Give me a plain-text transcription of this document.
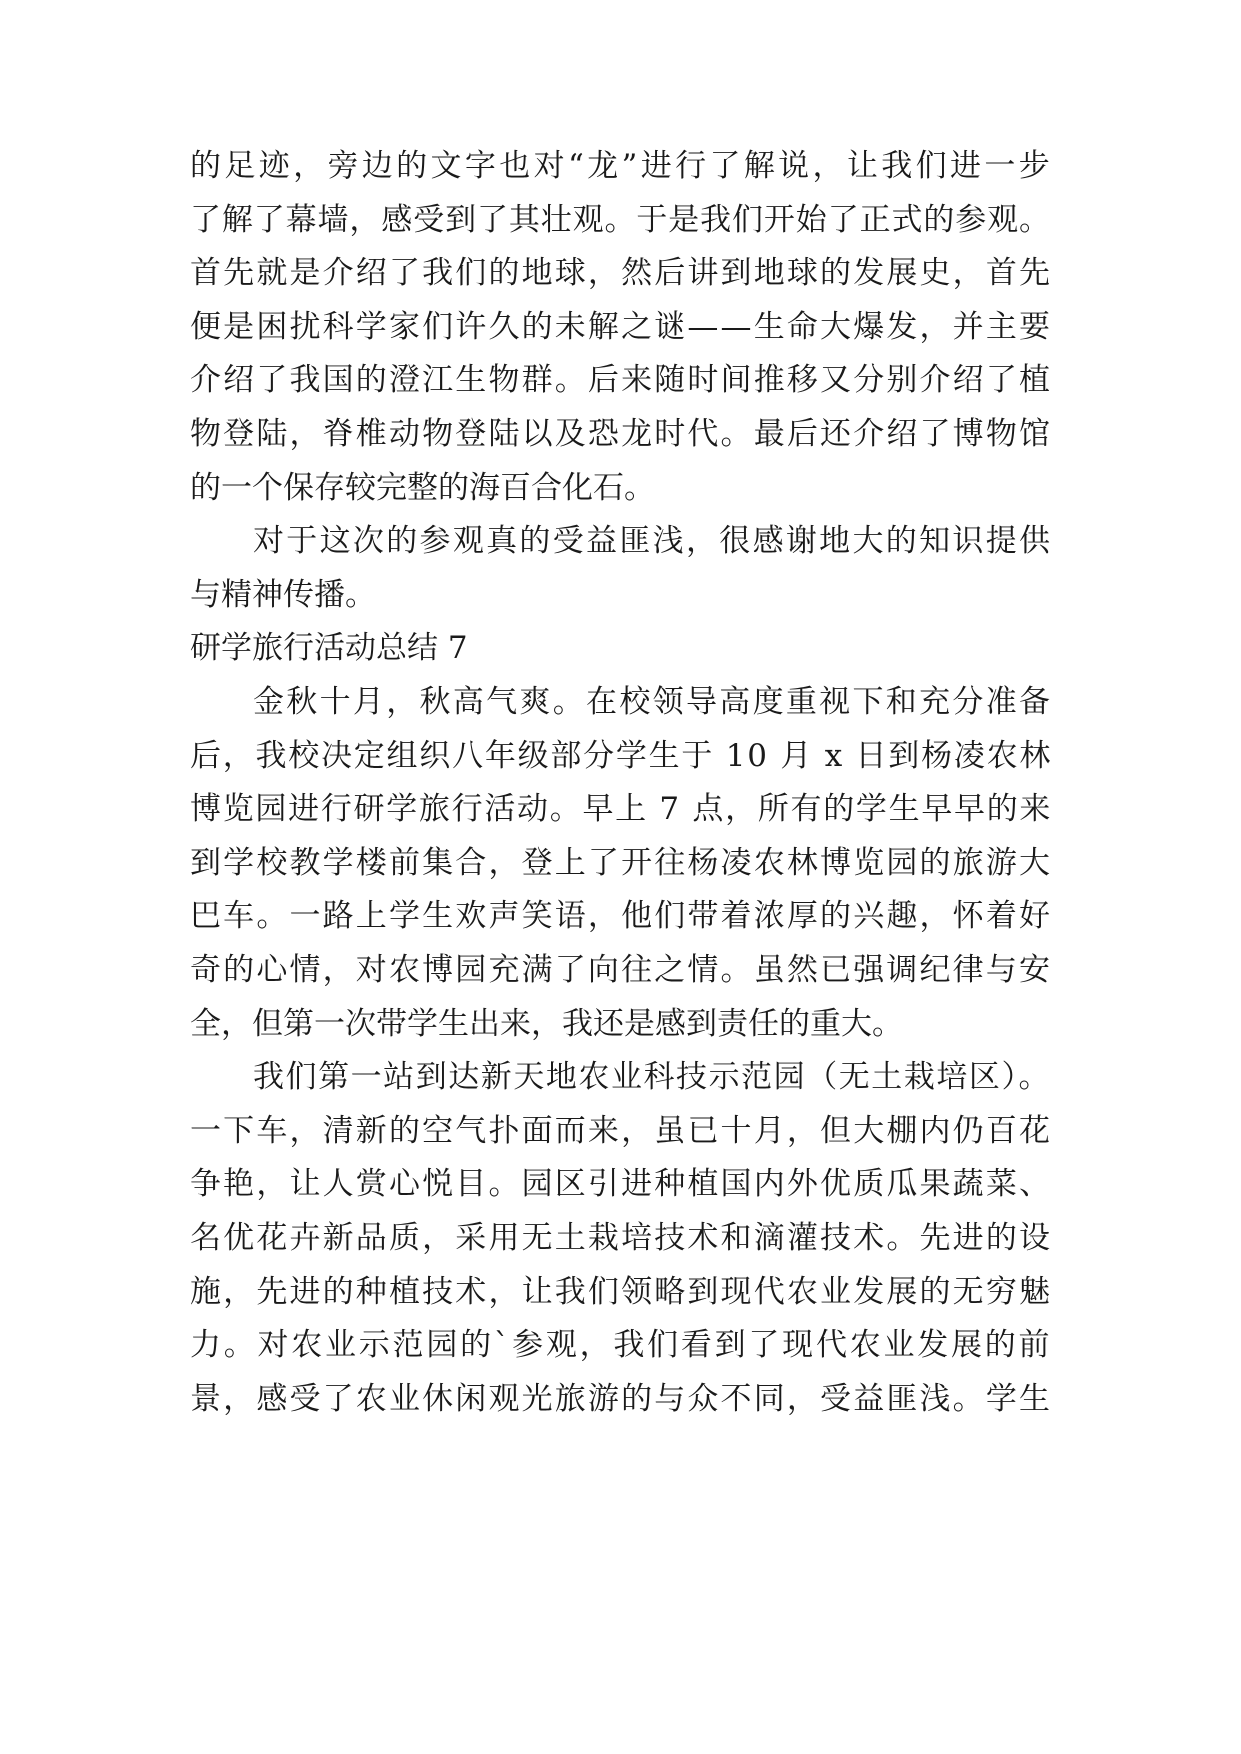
的足迹，旁边的文字也对“龙”进行了解说，让我们进一步
了解了幕墙，感受到了其壮观。于是我们开始了正式的参观。
首先就是介绍了我们的地球，然后讲到地球的发展史，首先
便是困扰科学家们许久的未解之谜——生命大爆发，并主要
介绍了我国的澄江生物群。后来随时间推移又分别介绍了植
物登陆，脊椎动物登陆以及恐龙时代。最后还介绍了博物馆
的一个保存较完整的海百合化石。
对于这次的参观真的受益匪浅，很感谢地大的知识提供
与精神传播。
研学旅行活动总结 7
金秋十月，秋高气爽。在校领导高度重视下和充分准备
后，我校决定组织八年级部分学生于 10 月 x 日到杨凌农林
博览园进行研学旅行活动。早上 7 点，所有的学生早早的来
到学校教学楼前集合，登上了开往杨凌农林博览园的旅游大
巴车。一路上学生欢声笑语，他们带着浓厚的兴趣，怀着好
奇的心情，对农博园充满了向往之情。虽然已强调纪律与安
全，但第一次带学生出来，我还是感到责任的重大。
我们第一站到达新天地农业科技示范园（无土栽培区）。
一下车，清新的空气扑面而来，虽已十月，但大棚内仍百花
争艳，让人赏心悦目。园区引进种植国内外优质瓜果蔬菜、
名优花卉新品质，采用无土栽培技术和滴灌技术。先进的设
施，先进的种植技术，让我们领略到现代农业发展的无穷魅
力。对农业示范园的`参观，我们看到了现代农业发展的前
景，感受了农业休闲观光旅游的与众不同，受益匪浅。学生
